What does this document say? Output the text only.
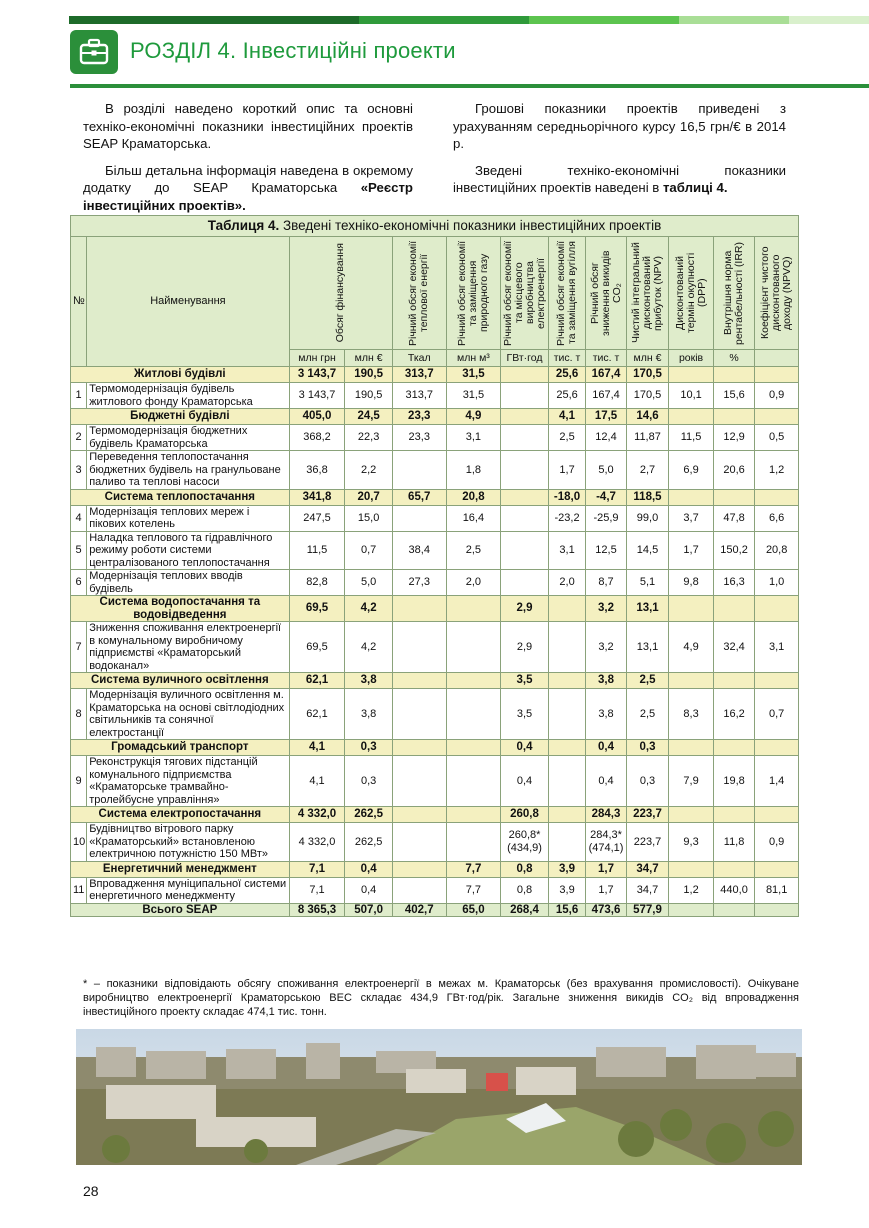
РОЗДІЛ 4. Інвестиційні проекти

В розділі наведено короткий опис та основні техніко-економічні показники інвестиційних проектів SEAP Краматорська.

Більш детальна інформація наведена в окремому додатку до SEAP Краматорська «Реєстр інвестиційних проектів».

Грошові показники проектів приведені з урахуванням середньорічного курсу 16,5 грн/€ в 2014 р.

Зведені техніко-економічні показники інвестиційних проектів наведені в таблиці 4.

Таблиця 4. Зведені техніко-економічні показники інвестиційних проектів												
№	Найменування	Обсяг фінансування		Річний обсяг економії теплової енергії	Річний обсяг економії та заміщення природного газу	Річний обсяг економії та місцевого виробництва електроенергії	Річний обсяг економії та заміщення вугілля	Річний обсяг зниження викидів CO₂	Чистий інтегральний дисконтований прибуток (NPV)	Дисконтований термін окупності (DPP)	Внутрішня норма рентабельності (IRR)	Коефіцієнт чистого дисконтованого доходу (NPVQ)

		млн грн	млн €	Ткал	млн м³	ГВт·год	тис. т	тис. т	млн €	років	%	
Житлові будівлі		3 143,7	190,5	313,7	31,5		25,6	167,4	170,5			
1	Термомодернізація будівель житлового фонду Краматорська	3 143,7	190,5	313,7	31,5		25,6	167,4	170,5	10,1	15,6	0,9
Бюджетні будівлі		405,0	24,5	23,3	4,9		4,1	17,5	14,6			
2	Термомодернізація бюджетних будівель Краматорська	368,2	22,3	23,3	3,1		2,5	12,4	11,87	11,5	12,9	0,5
3	Переведення теплопостачання бюджетних будівель на гранульоване паливо та теплові насоси	36,8	2,2		1,8		1,7	5,0	2,7	6,9	20,6	1,2
Система теплопостачання		341,8	20,7	65,7	20,8		-18,0	-4,7	118,5			
4	Модернізація теплових мереж і пікових котелень	247,5	15,0		16,4		-23,2	-25,9	99,0	3,7	47,8	6,6
5	Наладка теплового та гідравлічного режиму роботи системи централізованого теплопостачання	11,5	0,7	38,4	2,5		3,1	12,5	14,5	1,7	150,2	20,8
6	Модернізація теплових вводів будівель	82,8	5,0	27,3	2,0		2,0	8,7	5,1	9,8	16,3	1,0
Система водопостачання та водовідведення		69,5	4,2			2,9		3,2	13,1			
7	Зниження споживання електроенергії в комунальному виробничому підприємстві «Краматорський водоканал»	69,5	4,2			2,9		3,2	13,1	4,9	32,4	3,1
Система вуличного освітлення		62,1	3,8			3,5		3,8	2,5			
8	Модернізація вуличного освітлення м. Краматорська на основі світлодіодних світильників та сонячної електростанції	62,1	3,8			3,5		3,8	2,5	8,3	16,2	0,7
Громадський транспорт		4,1	0,3			0,4		0,4	0,3			
9	Реконструкція тягових підстанцій комунального підприємства «Краматорське трамвайно-тролейбусне управління»	4,1	0,3			0,4		0,4	0,3	7,9	19,8	1,4
Система електропостачання		4 332,0	262,5			260,8		284,3	223,7			
10	Будівництво вітрового парку «Краматорський» встановленою електричною потужністю 150 МВт»	4 332,0	262,5			260,8* (434,9)		284,3* (474,1)	223,7	9,3	11,8	0,9
Енергетичний менеджмент		7,1	0,4		7,7	0,8	3,9	1,7	34,7			
11	Впровадження муніципальної системи енергетичного менеджменту	7,1	0,4		7,7	0,8	3,9	1,7	34,7	1,2	440,0	81,1
Всього SEAP		8 365,3	507,0	402,7	65,0	268,4	15,6	473,6	577,9			
* – показники відповідають обсягу споживання електроенергії в межах м. Краматорськ (без врахування промисловості). Очікуване виробництво електроенергії Краматорською ВЕС складає 434,9 ГВт·год/рік. Загальне зниження викидів CO₂ від впровадження інвестиційного проекту складає 474,1 тис. тонн.
28
